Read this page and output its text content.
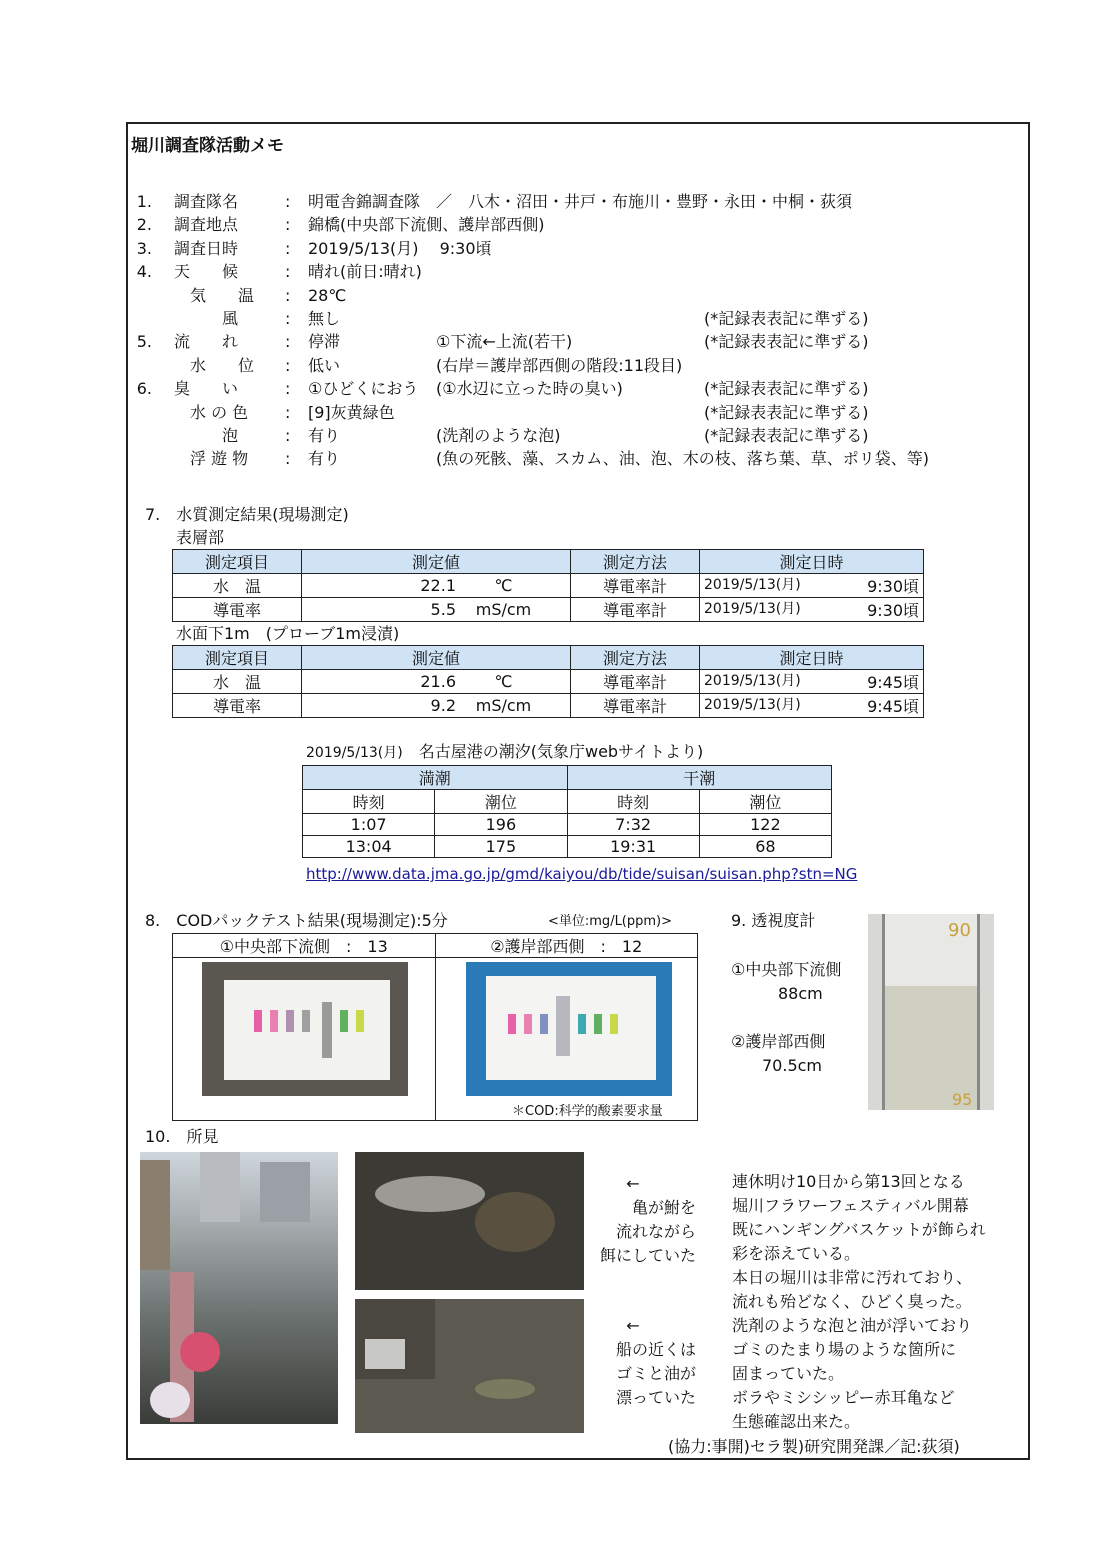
堀川調査隊活動メモ
1. 調査隊名	: 明電舎錦調査隊　／　八木・沼田・井戸・布施川・豊野・永田・中桐・荻須
2. 調査地点	: 錦橋(中央部下流側、護岸部西側)
3. 調査日時	: 2019/5/13(月)　 9:30頃
4. 天　　候	: 晴れ(前日:晴れ)
　気　　温 : 28℃
　　　風	: 無し	(*記録表表記に準ずる)
5. 流　　れ	: 停滞	①下流←上流(若干)	(*記録表表記に準ずる)
　水　　位 : 低い	(右岸＝護岸部西側の階段:11段目)
6. 臭　　い	: ①ひどくにおう (①水辺に立った時の臭い)	(*記録表表記に準ずる)
　水 の 色 : [9]灰黄緑色	(*記録表表記に準ずる)
　　　泡	: 有り	(洗剤のような泡)	(*記録表表記に準ずる)
　浮 遊 物 : 有り	(魚の死骸、藻、スカム、油、泡、木の枝、落ち葉、草、ポリ袋、等)
7.　水質測定結果(現場測定)
表層部
測定項目	測定値	測定方法	測定日時
水　温	22.1 ℃	導電率計	2019/5/13(月) 9:30頃

導電率	5.5 mS/cm	導電率計	2019/5/13(月) 9:30頃
水面下1m　(プローブ1m浸漬)
測定項目	測定値	測定方法	測定日時
水　温	21.6 ℃	導電率計	2019/5/13(月) 9:45頃

導電率	9.2 mS/cm	導電率計	2019/5/13(月) 9:45頃
2019/5/13(月)　 名古屋港の潮汐(気象庁webサイトより)
満潮		干潮	
時刻	潮位	時刻	潮位
1:07	196	7:32	122
13:04	175	19:31	68
http://www.data.jma.go.jp/gmd/kaiyou/db/tide/suisan/suisan.php?stn=NG
8.　CODパックテスト結果(現場測定):5分	<単位:mg/L(ppm)>
①中央部下流側　:　13	②護岸部西側　:　12

＊COD:科学的酸素要求量
9. 透視度計
①中央部下流側
88cm
②護岸部西側
70.5cm
90
95
10.　所見
←
亀が鮒を
流れながら
餌にしていた
←
船の近くは
ゴミと油が
漂っていた
連休明け10日から第13回となる
堀川フラワーフェスティバル開幕
既にハンギングバスケットが飾られ
彩を添えている。
本日の堀川は非常に汚れており、
流れも殆どなく、ひどく臭った。
洗剤のような泡と油が浮いており
ゴミのたまり場のような箇所に
固まっていた。
ボラやミシシッピー赤耳亀など
生態確認出来た。
(協力:事開)セラ製)研究開発課／記:荻須)
